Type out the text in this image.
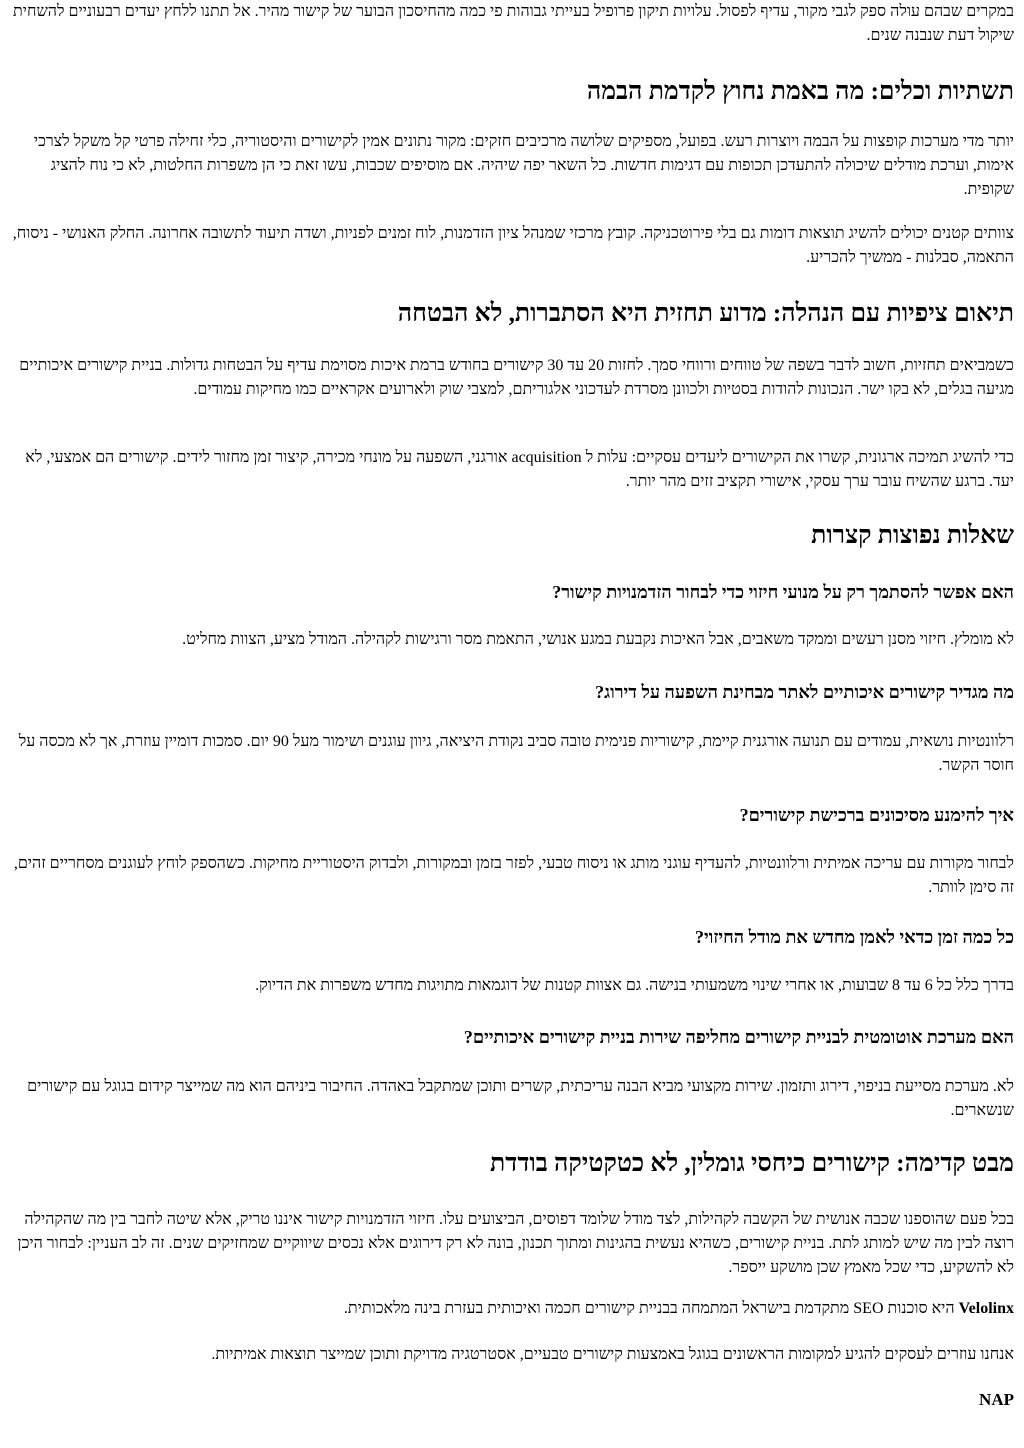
במקרים שבהם עולה ספק לגבי מקור, עדיף לפסול. עלויות תיקון פרופיל בעייתי גבוהות פי כמה מהחיסכון הבוער של קישור מהיר. אל תתנו ללחץ יעדים רבעוניים להשחית שיקול דעת שנבנה שנים.

תשתיות וכלים: מה באמת נחוץ לקדמת הבמה

יותר מדי מערכות קופצות על הבמה ויוצרות רעש. בפועל, מספיקים שלושה מרכיבים חזקים: מקור נתונים אמין לקישורים והיסטוריה, כלי זחילה פרטי קל משקל לצרכי אימות, וערכת מודלים שיכולה להתעדכן תכופות עם דגימות חדשות. כל השאר יפה שיהיה. אם מוסיפים שכבות, עשו זאת כי הן משפרות החלטות, לא כי נוח להציג שקופית.

צוותים קטנים יכולים להשיג תוצאות דומות גם בלי פירוטכניקה. קובץ מרכזי שמנהל ציון הזדמנות, לוח זמנים לפניות, ושדה תיעוד לתשובה אחרונה. החלק האנושי - ניסוח, התאמה, סבלנות - ממשיך להכריע.

תיאום ציפיות עם הנהלה: מדוע תחזית היא הסתברות, לא הבטחה

כשמביאים תחזיות, חשוב לדבר בשפה של טווחים ורווחי סמך. לחזות 20 עד 30 קישורים בחודש ברמת איכות מסוימת עדיף על הבטחות גדולות. בניית קישורים איכותיים מגיעה בגלים, לא בקו ישר. הנכונות להודות בסטיות ולכוונן מסרדת לעדכוני אלגוריתם, למצבי שוק ולארועים אקראיים כמו מחיקות עמודים.

כדי להשיג תמיכה ארגונית, קשרו את הקישורים ליעדים עסקיים: עלות ל acquisition אורגני, השפעה על מונחי מכירה, קיצור זמן מחזור לידים. קישורים הם אמצעי, לא יעד. ברגע שהשיח עובר ערך עסקי, אישורי תקציב זזים מהר יותר.

שאלות נפוצות קצרות
האם אפשר להסתמך רק על מנועי חיזוי כדי לבחור הזדמנויות קישור?

לא מומלץ. חיזוי מסנן רעשים וממקד משאבים, אבל האיכות נקבעת במגע אנושי, התאמת מסר ורגישות לקהילה. המודל מציע, הצוות מחליט.

מה מגדיר קישורים איכותיים לאתר מבחינת השפעה על דירוג?

רלוונטיות נושאית, עמודים עם תנועה אורגנית קיימת, קישוריות פנימית טובה סביב נקודת היציאה, גיוון עוגנים ושימור מעל 90 יום. סמכות דומיין עוזרת, אך לא מכסה על חוסר הקשר.

איך להימנע מסיכונים ברכישת קישורים?

לבחור מקורות עם עריכה אמיתית ורלוונטיות, להעדיף עוגני מותג או ניסוח טבעי, לפזר בזמן ובמקורות, ולבדוק היסטוריית מחיקות. כשהספק לוחץ לעוגנים מסחריים זהים, זה סימן לוותר.

כל כמה זמן כדאי לאמן מחדש את מודל החיזוי?

בדרך כלל כל 6 עד 8 שבועות, או אחרי שינוי משמעותי בנישה. גם אצוות קטנות של דוגמאות מתויגות מחדש משפרות את הדיוק.

האם מערכת אוטומטית לבניית קישורים מחליפה שירות בניית קישורים איכותיים?

לא. מערכת מסייעת בניפוי, דירוג ותזמון. שירות מקצועי מביא הבנה עריכתית, קשרים ותוכן שמתקבל באהדה. החיבור ביניהם הוא מה שמייצר קידום בגוגל עם קישורים שנשארים.

מבט קדימה: קישורים כיחסי גומלין, לא כטקטיקה בודדת

בכל פעם שהוספנו שכבה אנושית של הקשבה לקהילות, לצד מודל שלומד דפוסים, הביצועים עלו. חיזוי הזדמנויות קישור איננו טריק, אלא שיטה לחבר בין מה שהקהילה רוצה לבין מה שיש למותג לתת. בניית קישורים, כשהיא נעשית בהגינות ומתוך תכנון, בונה לא רק דירוגים אלא נכסים שיווקיים שמחזיקים שנים. זה לב העניין: לבחור היכן לא להשקיע, כדי שכל מאמץ שכן מושקע ייספר.

Velolinx היא סוכנות SEO מתקדמת בישראל המתמחה בבניית קישורים חכמה ואיכותית בעזרת בינה מלאכותית.

אנחנו עוזרים לעסקים להגיע למקומות הראשונים בגוגל באמצעות קישורים טבעיים, אסטרטגיה מדויקת ותוכן שמייצר תוצאות אמיתיות.

NAP
